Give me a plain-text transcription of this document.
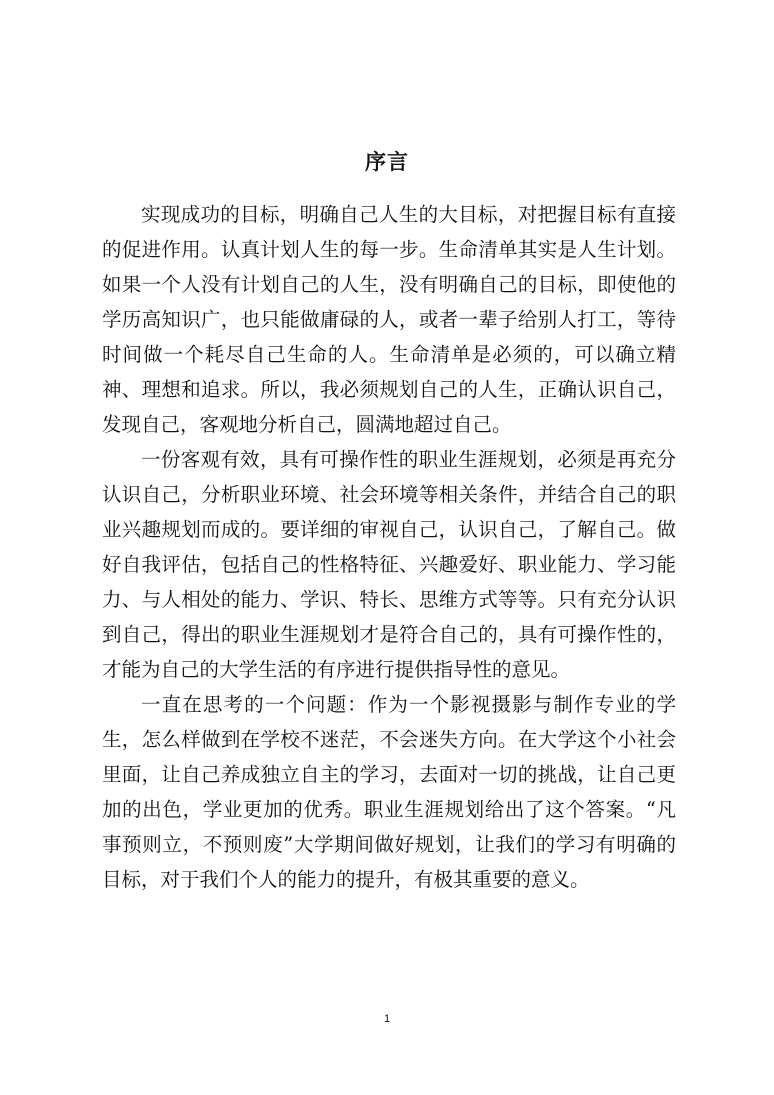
序言

实现成功的目标，明确自己人生的大目标，对把握目标有直接的促进作用。认真计划人生的每一步。生命清单其实是人生计划。如果一个人没有计划自己的人生，没有明确自己的目标，即使他的学历高知识广，也只能做庸碌的人，或者一辈子给别人打工，等待时间做一个耗尽自己生命的人。生命清单是必须的，可以确立精神、理想和追求。所以，我必须规划自己的人生，正确认识自己，发现自己，客观地分析自己，圆满地超过自己。

一份客观有效，具有可操作性的职业生涯规划，必须是再充分认识自己，分析职业环境、社会环境等相关条件，并结合自己的职业兴趣规划而成的。要详细的审视自己，认识自己，了解自己。做好自我评估，包括自己的性格特征、兴趣爱好、职业能力、学习能力、与人相处的能力、学识、特长、思维方式等等。只有充分认识到自己，得出的职业生涯规划才是符合自己的，具有可操作性的，才能为自己的大学生活的有序进行提供指导性的意见。

一直在思考的一个问题：作为一个影视摄影与制作专业的学生，怎么样做到在学校不迷茫，不会迷失方向。在大学这个小社会里面，让自己养成独立自主的学习，去面对一切的挑战，让自己更加的出色，学业更加的优秀。职业生涯规划给出了这个答案。“凡事预则立，不预则废”大学期间做好规划，让我们的学习有明确的目标，对于我们个人的能力的提升，有极其重要的意义。

1
